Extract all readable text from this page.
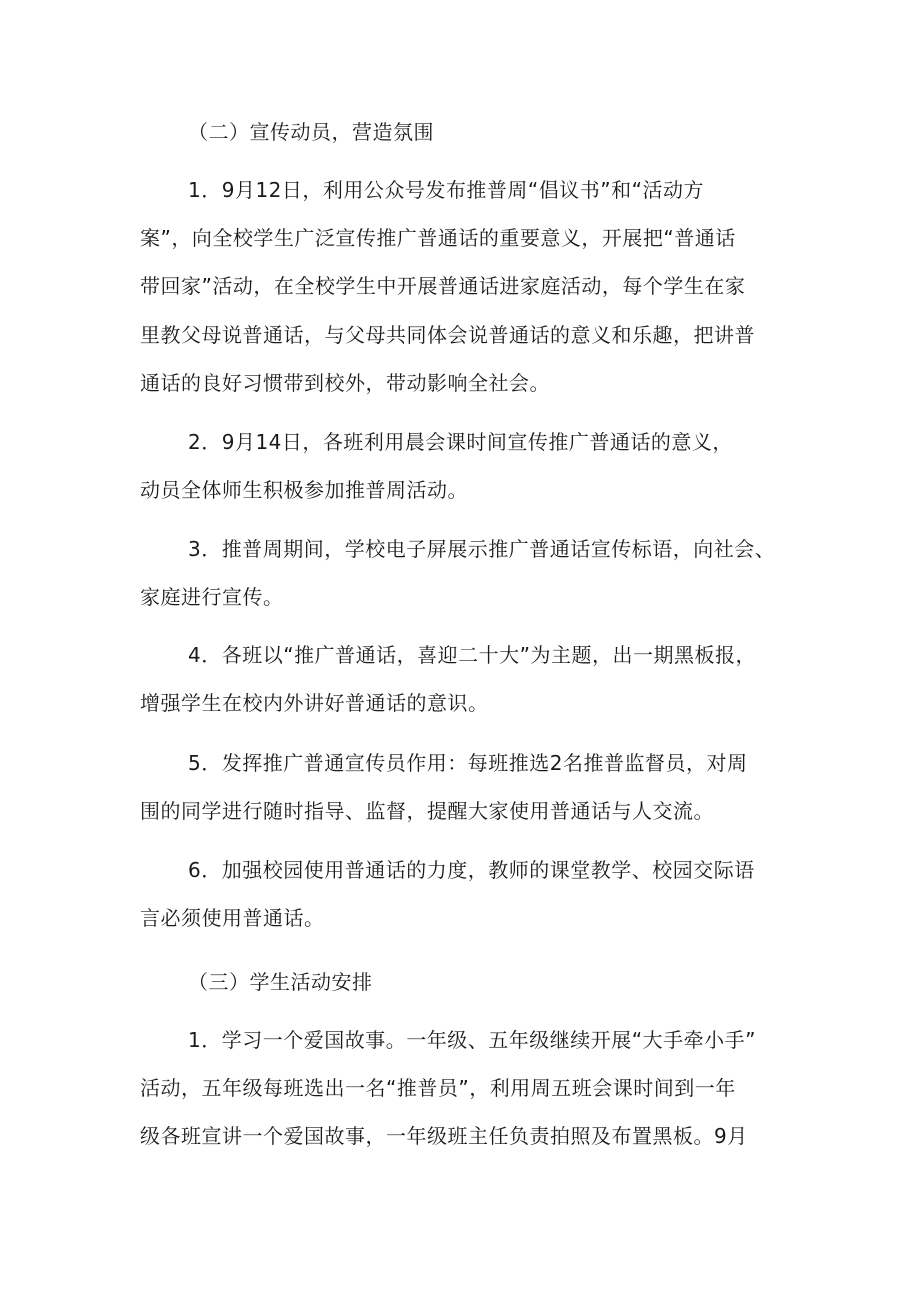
（二）宣传动员，营造氛围

1．9月12日，利用公众号发布推普周“倡议书”和“活动方

案”，向全校学生广泛宣传推广普通话的重要意义，开展把“普通话

带回家”活动，在全校学生中开展普通话进家庭活动，每个学生在家

里教父母说普通话，与父母共同体会说普通话的意义和乐趣，把讲普

通话的良好习惯带到校外，带动影响全社会。

2．9月14日，各班利用晨会课时间宣传推广普通话的意义，

动员全体师生积极参加推普周活动。

3．推普周期间，学校电子屏展示推广普通话宣传标语，向社会、

家庭进行宣传。

4．各班以“推广普通话，喜迎二十大”为主题，出一期黑板报，

增强学生在校内外讲好普通话的意识。

5．发挥推广普通宣传员作用：每班推选2名推普监督员，对周

围的同学进行随时指导、监督，提醒大家使用普通话与人交流。

6．加强校园使用普通话的力度，教师的课堂教学、校园交际语

言必须使用普通话。

（三）学生活动安排

1．学习一个爱国故事。一年级、五年级继续开展“大手牵小手”

活动，五年级每班选出一名“推普员”，利用周五班会课时间到一年

级各班宣讲一个爱国故事，一年级班主任负责拍照及布置黑板。9月
